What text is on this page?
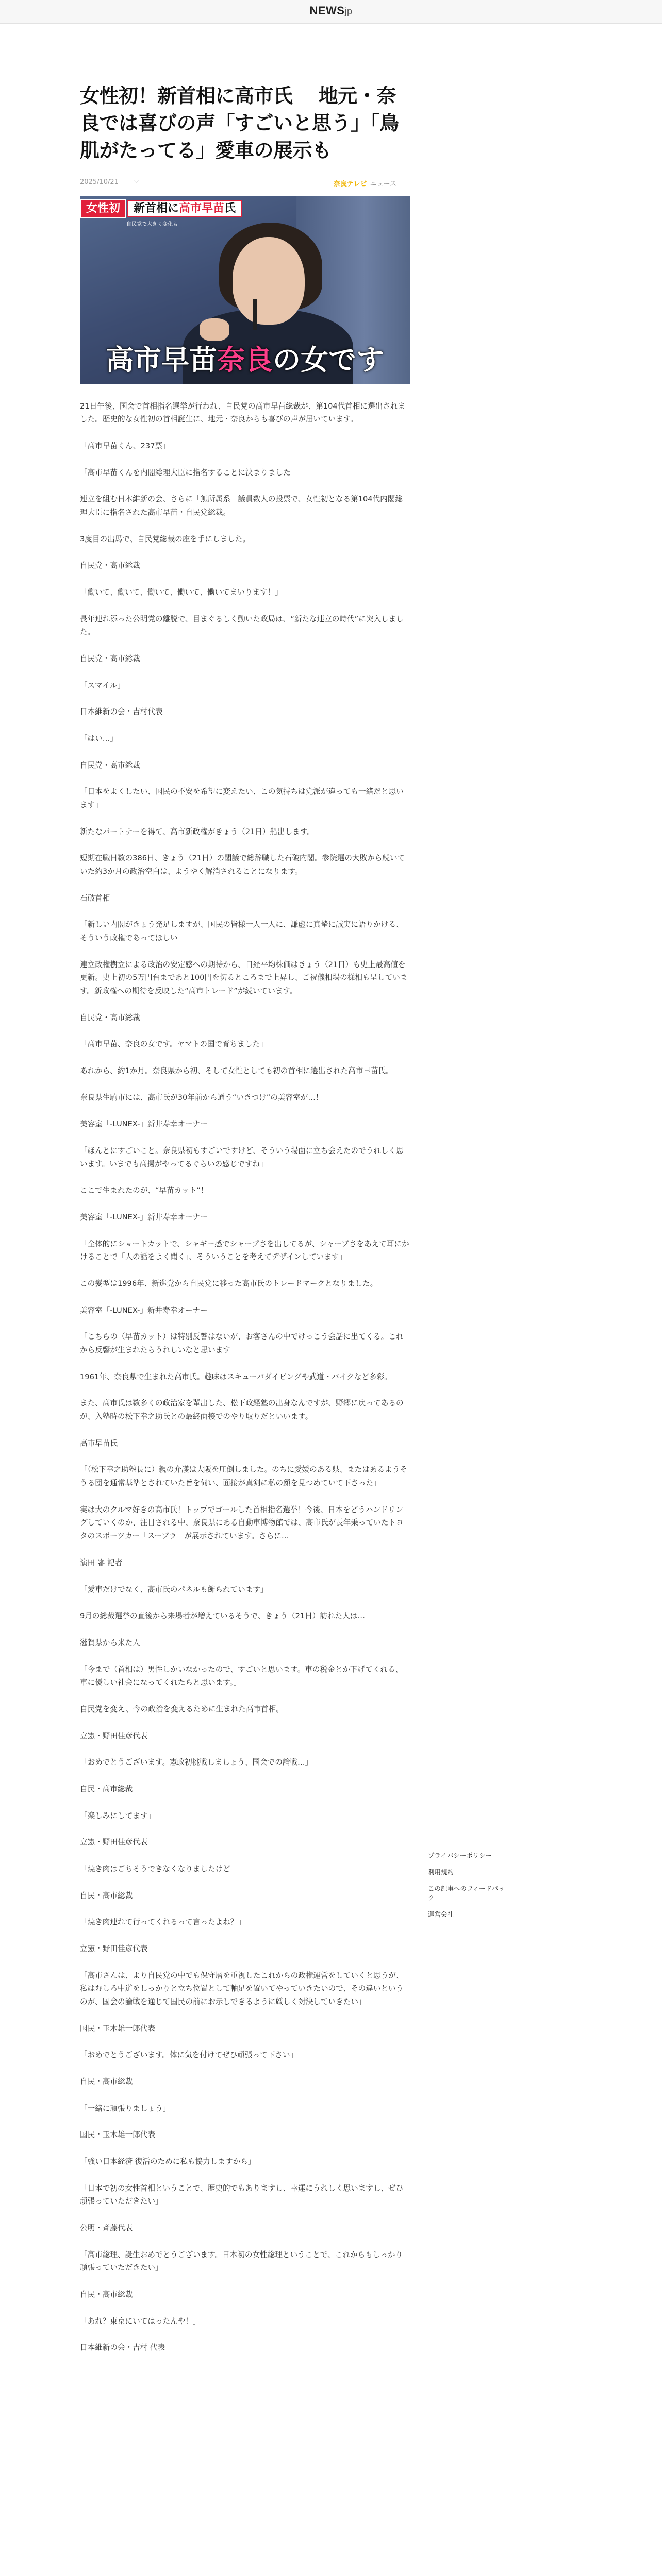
NEWSjp
女性初！新首相に高市氏　 地元・奈良では喜びの声「すごいと思う」「鳥肌がたってる」愛車の展示も
2025/10/21 ⌵	奈良テレビ ニュース
女性初	新首相に高市早苗氏
自民党で大きく変化も
高市早苗奈良の女です

21日午後、国会で首相指名選挙が行われ、自民党の高市早苗総裁が、第104代首相に選出されました。歴史的な女性初の首相誕生に、地元・奈良からも喜びの声が届いています。

「高市早苗くん、237票」

「高市早苗くんを内閣総理大臣に指名することに決まりました」

連立を組む日本維新の会、さらに「無所属系」議員数人の投票で、女性初となる第104代内閣総理大臣に指名された高市早苗・自民党総裁。

3度目の出馬で、自民党総裁の座を手にしました。

自民党・高市総裁

「働いて、働いて、働いて、働いて、働いてまいります！」

長年連れ添った公明党の離脱で、目まぐるしく動いた政局は、“新たな連立の時代”に突入しました。

自民党・高市総裁

「スマイル」

日本維新の会・吉村代表

「はい…」

自民党・高市総裁

「日本をよくしたい、国民の不安を希望に変えたい、この気持ちは党派が違っても一緒だと思います」

新たなパートナーを得て、高市新政権がきょう（21日）船出します。

短期在職日数の386日、きょう（21日）の閣議で総辞職した石破内閣。参院選の大敗から続いていた約3か月の政治空白は、ようやく解消されることになります。

石破首相

「新しい内閣がきょう発足しますが、国民の皆様一人一人に、謙虚に真摯に誠実に語りかける、そういう政権であってほしい」

連立政権樹立による政治の安定感への期待から、日経平均株価はきょう（21日）も史上最高値を更新。史上初の5万円台まであと100円を切るところまで上昇し、ご祝儀相場の様相も呈しています。新政権への期待を反映した“高市トレード”が続いています。

自民党・高市総裁

「高市早苗、奈良の女です。ヤマトの国で育ちました」

あれから、約1か月。奈良県から初、そして女性としても初の首相に選出された高市早苗氏。

奈良県生駒市には、高市氏が30年前から通う“いきつけ”の美容室が…！

美容室「-LUNEX-」新井寿幸オーナー

「ほんとにすごいこと。奈良県初もすごいですけど、そういう場面に立ち会えたのでうれしく思います。いまでも高揚がやってるぐらいの感じですね」

ここで生まれたのが、“早苗カット”！

美容室「-LUNEX-」新井寿幸オーナー

「全体的にショートカットで、シャギー感でシャープさを出してるが、シャープさをあえて耳にかけることで「人の話をよく聞く」、そういうことを考えてデザインしています」

この髪型は1996年、新進党から自民党に移った高市氏のトレードマークとなりました。

美容室「-LUNEX-」新井寿幸オーナー

「こちらの（早苗カット）は特別反響はないが、お客さんの中でけっこう会話に出てくる。これから反響が生まれたらうれしいなと思います」

1961年、奈良県で生まれた高市氏。趣味はスキューバダイビングや武道・バイクなど多彩。

また、高市氏は数多くの政治家を輩出した、松下政経塾の出身なんですが、野郷に戻ってあるのが、入塾時の松下幸之助氏との最終面接でのやり取りだといいます。

高市早苗氏

「（松下幸之助塾長に）親の介護は大阪を圧倒しました。のちに愛媛のある県、またはあるようそうる団を通常基準とされていた旨を伺い、面接が真剣に私の顔を見つめていて下さった」

実は大のクルマ好きの高市氏！トップでゴールした首相指名選挙！今後、日本をどうハンドリングしていくのか、注目される中、奈良県にある自動車博物館では、高市氏が長年乗っていたトヨタのスポーツカー「スープラ」が展示されています。さらに…

演田 審 記者

「愛車だけでなく、高市氏のパネルも飾られています」

9月の総裁選挙の直後から来場者が増えているそうで、きょう（21日）訪れた人は…

滋賀県から来た人

「今まで（首相は）男性しかいなかったので、すごいと思います。車の税金とか下げてくれる、車に優しい社会になってくれたらと思います。」

自民党を変え、今の政治を変えるために生まれた高市首相。

立憲・野田佳彦代表

「おめでとうございます。憲政初挑戦しましょう、国会での論戦…」

自民・高市総裁

「楽しみにしてます」

立憲・野田佳彦代表

「焼き肉はごちそうできなくなりましたけど」

自民・高市総裁

「焼き肉連れて行ってくれるって言ったよね？」

立憲・野田佳彦代表

「高市さんは、より自民党の中でも保守層を重視したこれからの政権運営をしていくと思うが、私はむしろ中道をしっかりと立ち位置として軸足を置いてやっていきたいので、その違いというのが、国会の論戦を通じて国民の前にお示しできるように厳しく対決していきたい」

国民・玉木雄一郎代表

「おめでとうございます。体に気を付けてぜひ頑張って下さい」

自民・高市総裁

「一緒に頑張りましょう」

国民・玉木雄一郎代表

「強い日本経済 復活のために私も協力しますから」

「日本で初の女性首相ということで、歴史的でもありますし、幸運にうれしく思いますし、ぜひ頑張っていただきたい」

公明・斉藤代表

「高市総理、誕生おめでとうございます。日本初の女性総理ということで、これからもしっかり頑張っていただきたい」

自民・高市総裁

「あれ？東京にいてはったんや！」

日本維新の会・吉村 代表

プライバシーポリシー
利用規約
この記事へのフィードバック
運営会社
